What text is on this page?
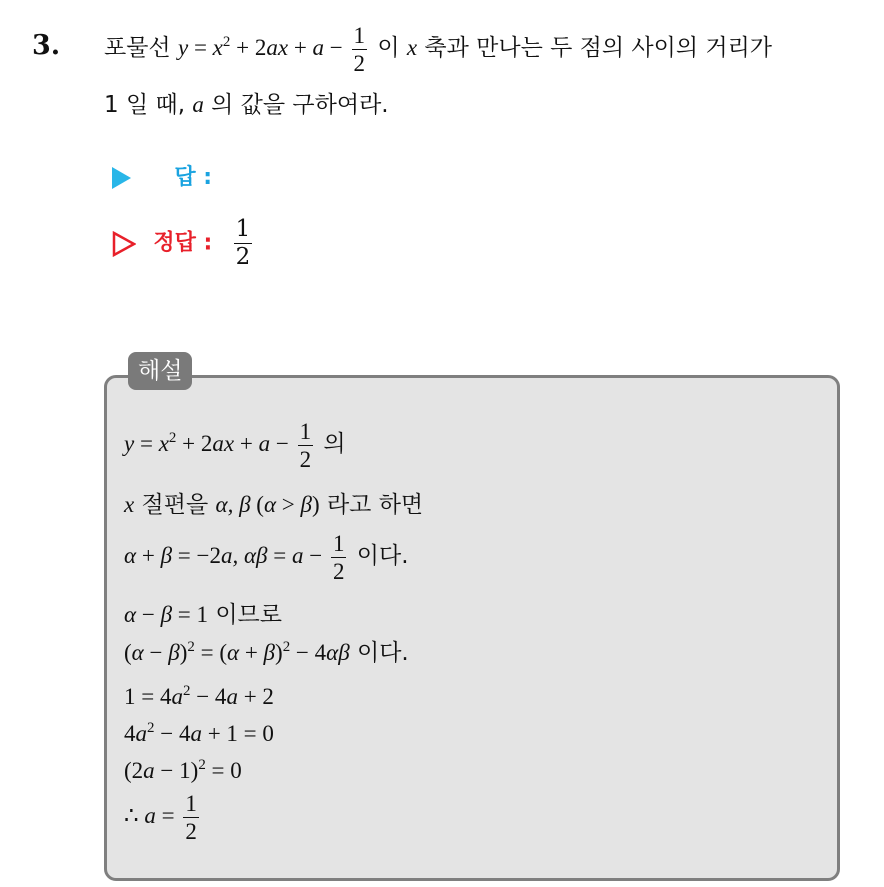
3. 포물선 $y = x^2 + 2ax + a - \frac{1}{2}$ 이 x 축과 만나는 두 점의 사이의 거리가
1 일 때, a 의 값을 구하여라.
답 :
정답 : $\frac{1}{2}$
해설
$y = x^2 + 2ax + a - \frac{1}{2}$ 의
x 절편을 α, β (α > β) 라고 하면
α + β = −2a, $\alpha\beta = a - \frac{1}{2}$ 이다.
α − β = 1 이므로
$(\alpha - \beta)^2 = (\alpha + \beta)^2 - 4\alpha\beta$ 이다.
$1 = 4a^2 - 4a + 2$
$4a^2 - 4a + 1 = 0$
$(2a - 1)^2 = 0$
∴ $a = \frac{1}{2}$
